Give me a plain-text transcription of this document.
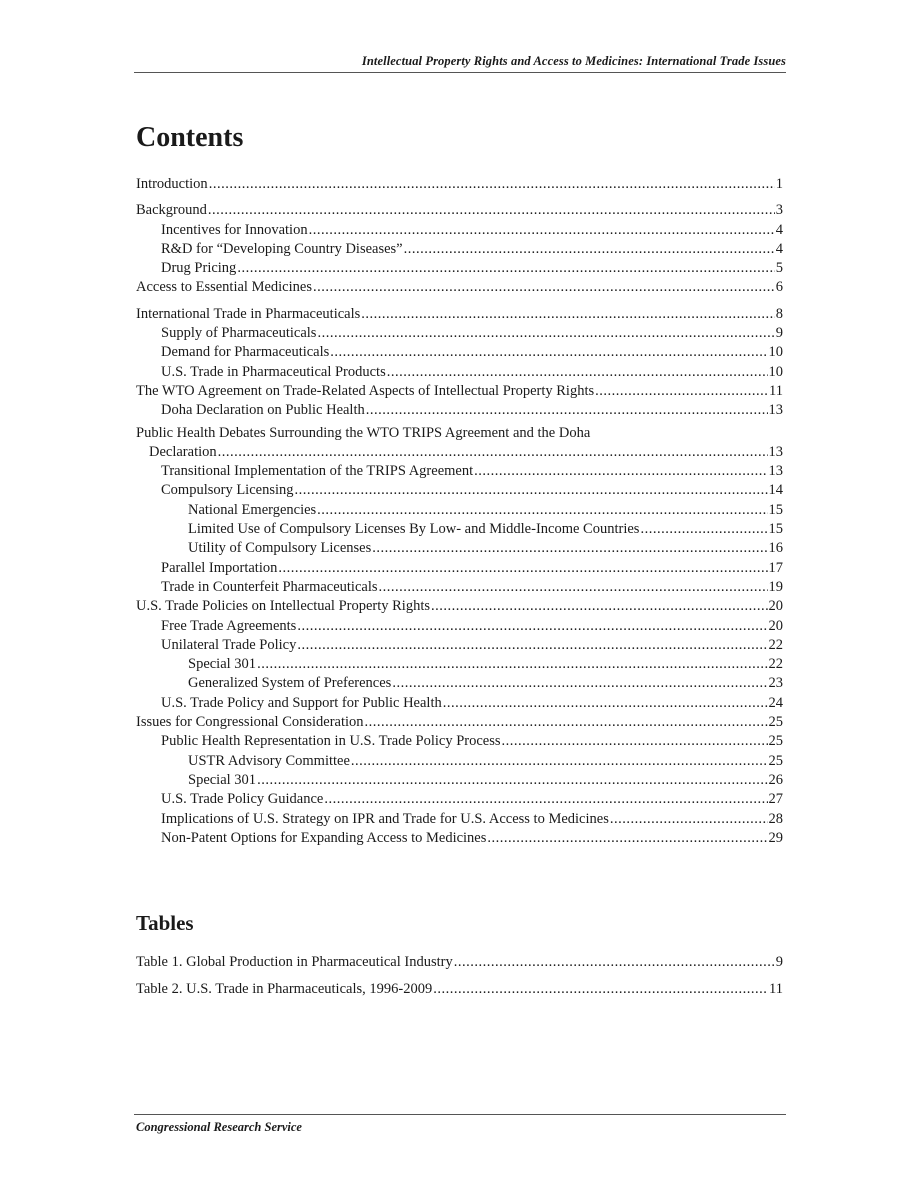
Intellectual Property Rights and Access to Medicines: International Trade Issues
Contents
Introduction .....	1
Background .....	3
Incentives for Innovation .....	4
R&D for “Developing Country Diseases” .....	4
Drug Pricing .....	5
Access to Essential Medicines .....	6
International Trade in Pharmaceuticals .....	8
Supply of Pharmaceuticals .....	9
Demand for Pharmaceuticals .....	10
U.S. Trade in Pharmaceutical Products .....	10
The WTO Agreement on Trade-Related Aspects of Intellectual Property Rights .....	11
Doha Declaration on Public Health .....	13
Public Health Debates Surrounding the WTO TRIPS Agreement and the Doha
Declaration .....	13
Transitional Implementation of the TRIPS Agreement .....	13
Compulsory Licensing .....	14
National Emergencies .....	15
Limited Use of Compulsory Licenses By Low- and Middle-Income Countries .....	15
Utility of Compulsory Licenses .....	16
Parallel Importation .....	17
Trade in Counterfeit Pharmaceuticals .....	19
U.S. Trade Policies on Intellectual Property Rights .....	20
Free Trade Agreements .....	20
Unilateral Trade Policy .....	22
Special 301 .....	22
Generalized System of Preferences .....	23
U.S. Trade Policy and Support for Public Health .....	24
Issues for Congressional Consideration .....	25
Public Health Representation in U.S. Trade Policy Process .....	25
USTR Advisory Committee .....	25
Special 301 .....	26
U.S. Trade Policy Guidance .....	27
Implications of U.S. Strategy on IPR and Trade for U.S. Access to Medicines .....	28
Non-Patent Options for Expanding Access to Medicines .....	29
Tables
Table 1. Global Production in Pharmaceutical Industry .....	9
Table 2. U.S. Trade in Pharmaceuticals, 1996-2009 .....	11
Congressional Research Service
